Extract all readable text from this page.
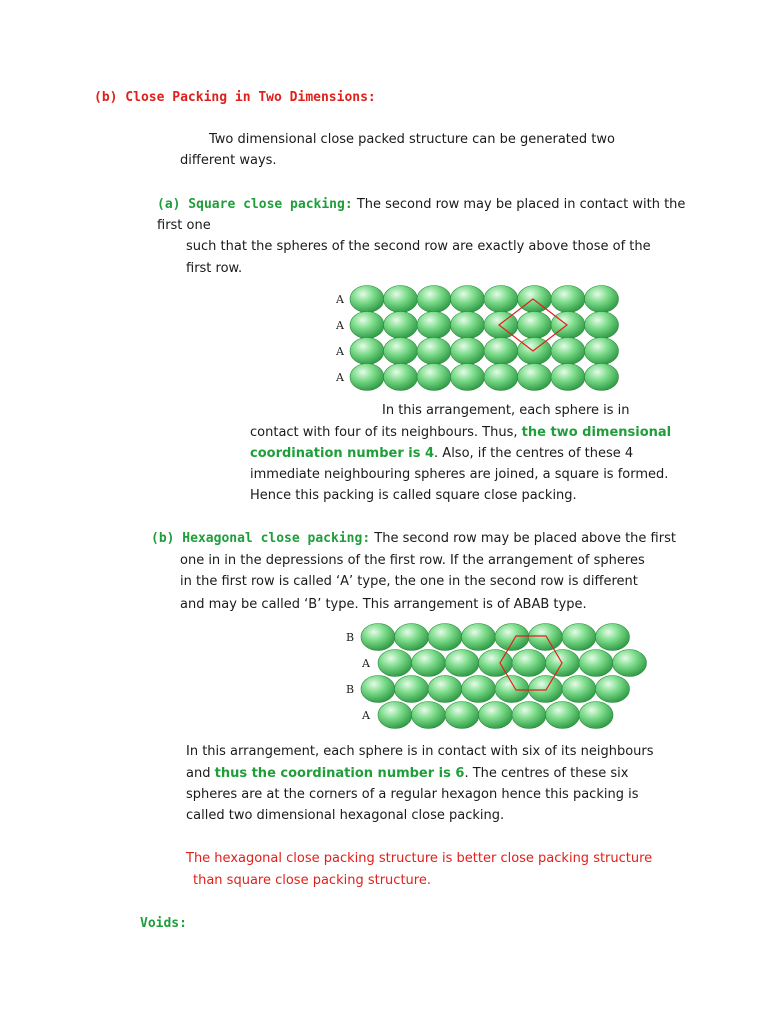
(b) Close Packing in Two Dimensions:
Two dimensional close packed structure can be generated two
different ways.
(a) Square close packing: The second row may be placed in contact with the
first one
such that the spheres of the second row are exactly above those of the
first row.
A
A
A
A
In this arrangement, each sphere is in
contact with four of its neighbours. Thus, the two dimensional
coordination number is 4. Also, if the centres of these 4
immediate neighbouring spheres are joined, a square is formed.
Hence this packing is called square close packing.
(b) Hexagonal close packing: The second row may be placed above the first
one in in the depressions of the first row. If the arrangement of spheres
in the first row is called ‘A’ type, the one in the second row is different
and may be called ‘B’ type. This arrangement is of ABAB type.
B
A
B
A
In this arrangement, each sphere is in contact with six of its neighbours
and thus the coordination number is 6. The centres of these six
spheres are at the corners of a regular hexagon hence this packing is
called two dimensional hexagonal close packing.
The hexagonal close packing structure is better close packing structure
than square close packing structure.
Voids:
